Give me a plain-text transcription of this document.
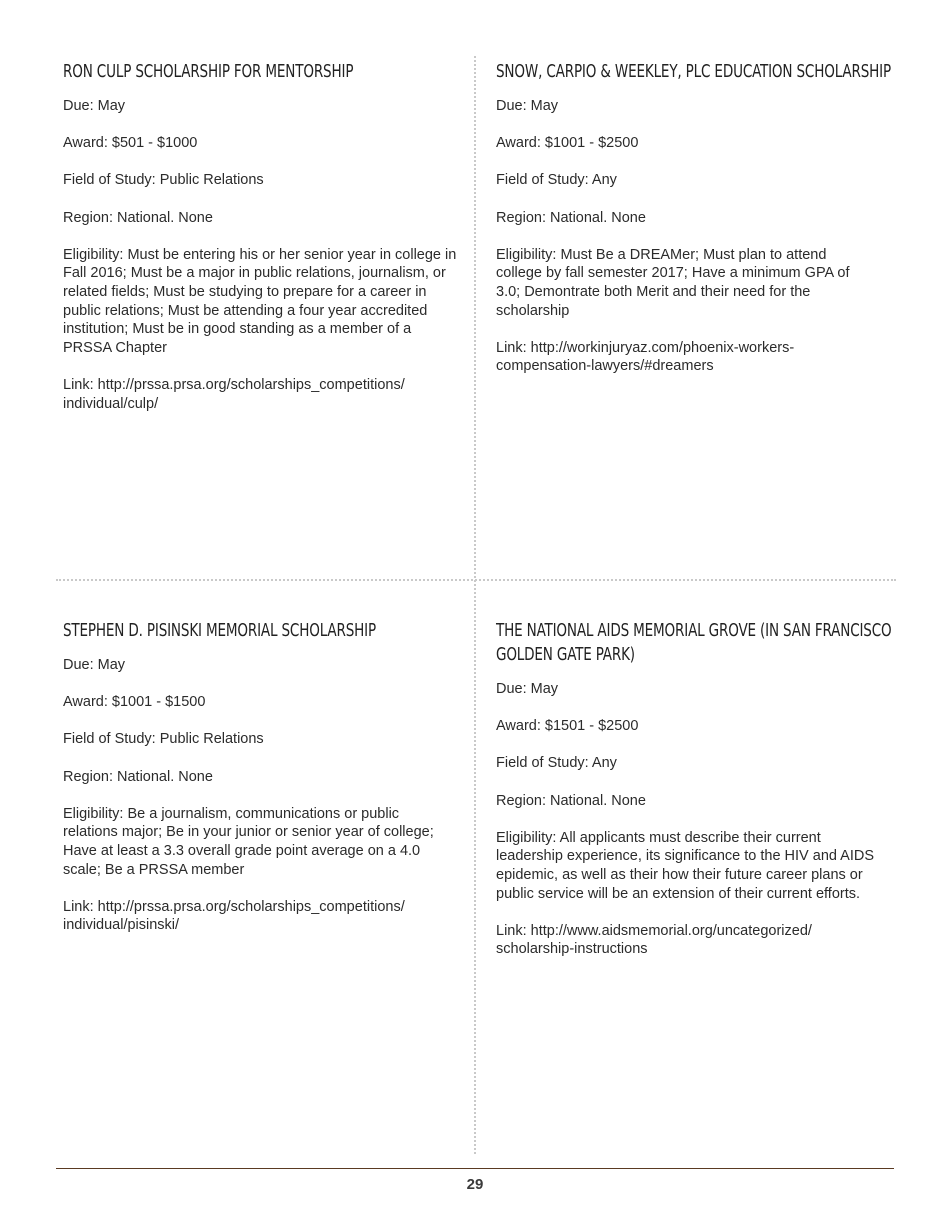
RON CULP SCHOLARSHIP FOR MENTORSHIP
Due: May
Award: $501 - $1000
Field of Study: Public Relations
Region: National. None
Eligibility: Must be entering his or her senior year in college in Fall 2016; Must be a major in public relations, journalism, or related fields; Must be studying to prepare for a career in public relations; Must be attending a four year accredited institution; Must be in good standing as a member of a PRSSA Chapter
Link: http://prssa.prsa.org/scholarships_competitions/
individual/culp/
SNOW, CARPIO & WEEKLEY, PLC EDUCATION SCHOLARSHIP
Due: May
Award: $1001 - $2500
Field of Study: Any
Region: National. None
Eligibility: Must Be a DREAMer; Must plan to attend college by fall semester 2017; Have a minimum GPA of 3.0; Demontrate both Merit and their need for the scholarship
Link: http://workinjuryaz.com/phoenix-workers-
compensation-lawyers/#dreamers
STEPHEN D. PISINSKI MEMORIAL SCHOLARSHIP
Due: May
Award: $1001 - $1500
Field of Study: Public Relations
Region: National. None
Eligibility: Be a journalism, communications or public relations major; Be in your junior or senior year of college; Have at least a 3.3 overall grade point average on a 4.0 scale; Be a PRSSA member
Link: http://prssa.prsa.org/scholarships_competitions/
individual/pisinski/
THE NATIONAL AIDS MEMORIAL GROVE (IN SAN FRANCISCO GOLDEN GATE PARK)
Due: May
Award: $1501 - $2500
Field of Study: Any
Region: National. None
Eligibility: All applicants must describe their current leadership experience, its significance to the HIV and AIDS epidemic, as well as their how their future career plans or public service will be an extension of their current efforts.
Link: http://www.aidsmemorial.org/uncategorized/
scholarship-instructions
29
